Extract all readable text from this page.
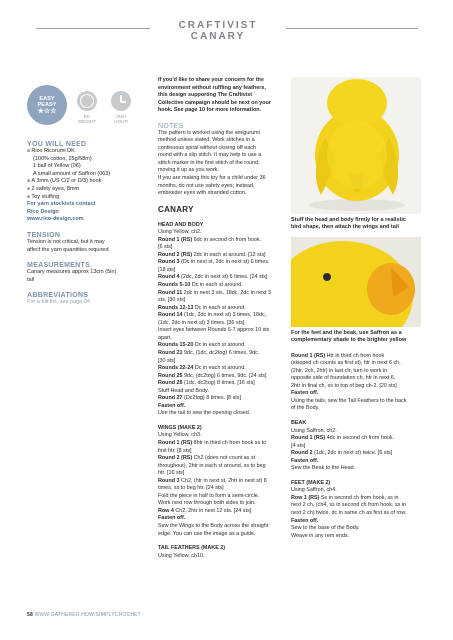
CRAFTIVIST CANARY
EASY
PEASY
★☆☆
DK
WEIGHT
3MH
HOUR

YOU WILL NEED

■ Rico Ricorumi DK

(100% cotton, 25g/58m)

1 ball of Yellow (06)

A small amount of Saffron (063)

■ A 3mm (US C/2 or D/3) hook

■ 2 safety eyes, 8mm

■ Toy stuffing

For yarn stockists contact

Rico Design

www.rico-design.com

TENSION

Tension is not critical, but it may

affect the yarn quantities required

MEASUREMENTS

Canary measures approx 13cm (5in)

tall

ABBREVIATIONS

For a full list, see page 94

If you'd like to share your concern for the

environment without ruffling any feathers,

this design supporting The Craftivist

Collective campaign should be next on your

hook. See page 10 for more information.

NOTES

The pattern is worked using the amigurumi

method unless stated. Work stitches in a

continuous spiral without closing off each

round with a slip stitch. It may help to use a

stitch marker in the first stitch of the round,

moving it up as you work.

If you are making this toy for a child under 36

months, do not use safety eyes; instead,

embroider eyes with stranded cotton.

CANARY

HEAD AND BODY

Using Yellow, ch2.

Round 1 (RS) 6dc in second ch from hook.

[6 sts]

Round 2 (RS) 2dc in each st around. [12 sts]

Round 3 (Dc in next st, 2dc in next st) 6 times.

[18 sts]

Round 4 (2dc, 2dc in next st) 6 times. [24 sts]

Rounds 5-10 Dc in each st around.

Round 11 2dc in next 3 sts, 18dc, 2dc in next 3

sts. [30 sts]

Rounds 12-13 Dc in each st around.

Round 14 (1dc, 2dc in next st) 3 times, 18dc,

(1dc, 2dc in next st) 3 times. [36 sts]

Insert eyes between Rounds 6-7 approx 10 sts

apart.

Rounds 15-20 Dc in each st around.

Round 21 9dc, (1dc, dc2tog) 6 times, 9dc.

[30 sts]

Rounds 22-24 Dc in each st around.

Round 25 9dc, (dc2tog) 6 times, 9dc. [24 sts]

Round 26 (1dc, dc2tog) 8 times. [16 sts]

Stuff Head and Body.

Round 27 (Dc2tog) 8 times. [8 sts]

Fasten off.

Use the tail to sew the opening closed.

WINGS (MAKE 2)

Using Yellow, ch3.

Round 1 (RS) 8htr in third ch from hook ss to

first htr. [8 sts]

Round 2 (RS) Ch2 (does not count as st

throughout), 2htr in each st around, ss to beg

htr. [16 sts]

Round 3 Ch2, (htr in next st, 2htr in next st) 8

times, ss to beg htr. [24 sts]

Fold the piece in half to form a semi-circle.

Work next row through both sides to join.

Row 4 Ch2, 2htr in next 12 sts. [24 sts]

Fasten off.

Sew the Wings to the Body across the straight

edge. You can use the image as a guide.

TAIL FEATHERS (MAKE 2)

Using Yellow, ch10.

Stuff the head and body firmly for a realistic

bird shape, then attach the wings and tail

For the feet and the beak, use Saffron as a

complementary shade to the brighter yellow

Round 1 (RS) Htr in third ch from hook

(skipped ch counts as first st), htr in next 6 ch,

(2htr, 2ch, 2htr) in last ch, turn to work in

opposite side of foundation ch, htr in next 6,

2htr in final ch, ss to top of beg ch-2. [20 sts]

Fasten off.

Using the tails, sew the Tail Feathers to the back

of the Body.

BEAK

Using Saffron, ch2.

Round 1 (RS) 4dc in second ch from hook.

[4 sts]

Round 2 (1dc, 2dc in next st) twice. [6 sts]

Fasten off.

Sew the Beak to the Head.

FEET (MAKE 2)

Using Saffron, ch4.

Row 1 (RS) Ss in second ch from hook, ss in

next 2 ch, (ch4, ss in second ch from hook, ss in

next 2 ch) twice, dc in same ch as first ss of row.

Fasten off.

Sew to the base of the Body.

Weave in any rem ends.

58 WWW.GATHERED.HOW/SIMPLYCROCHET
